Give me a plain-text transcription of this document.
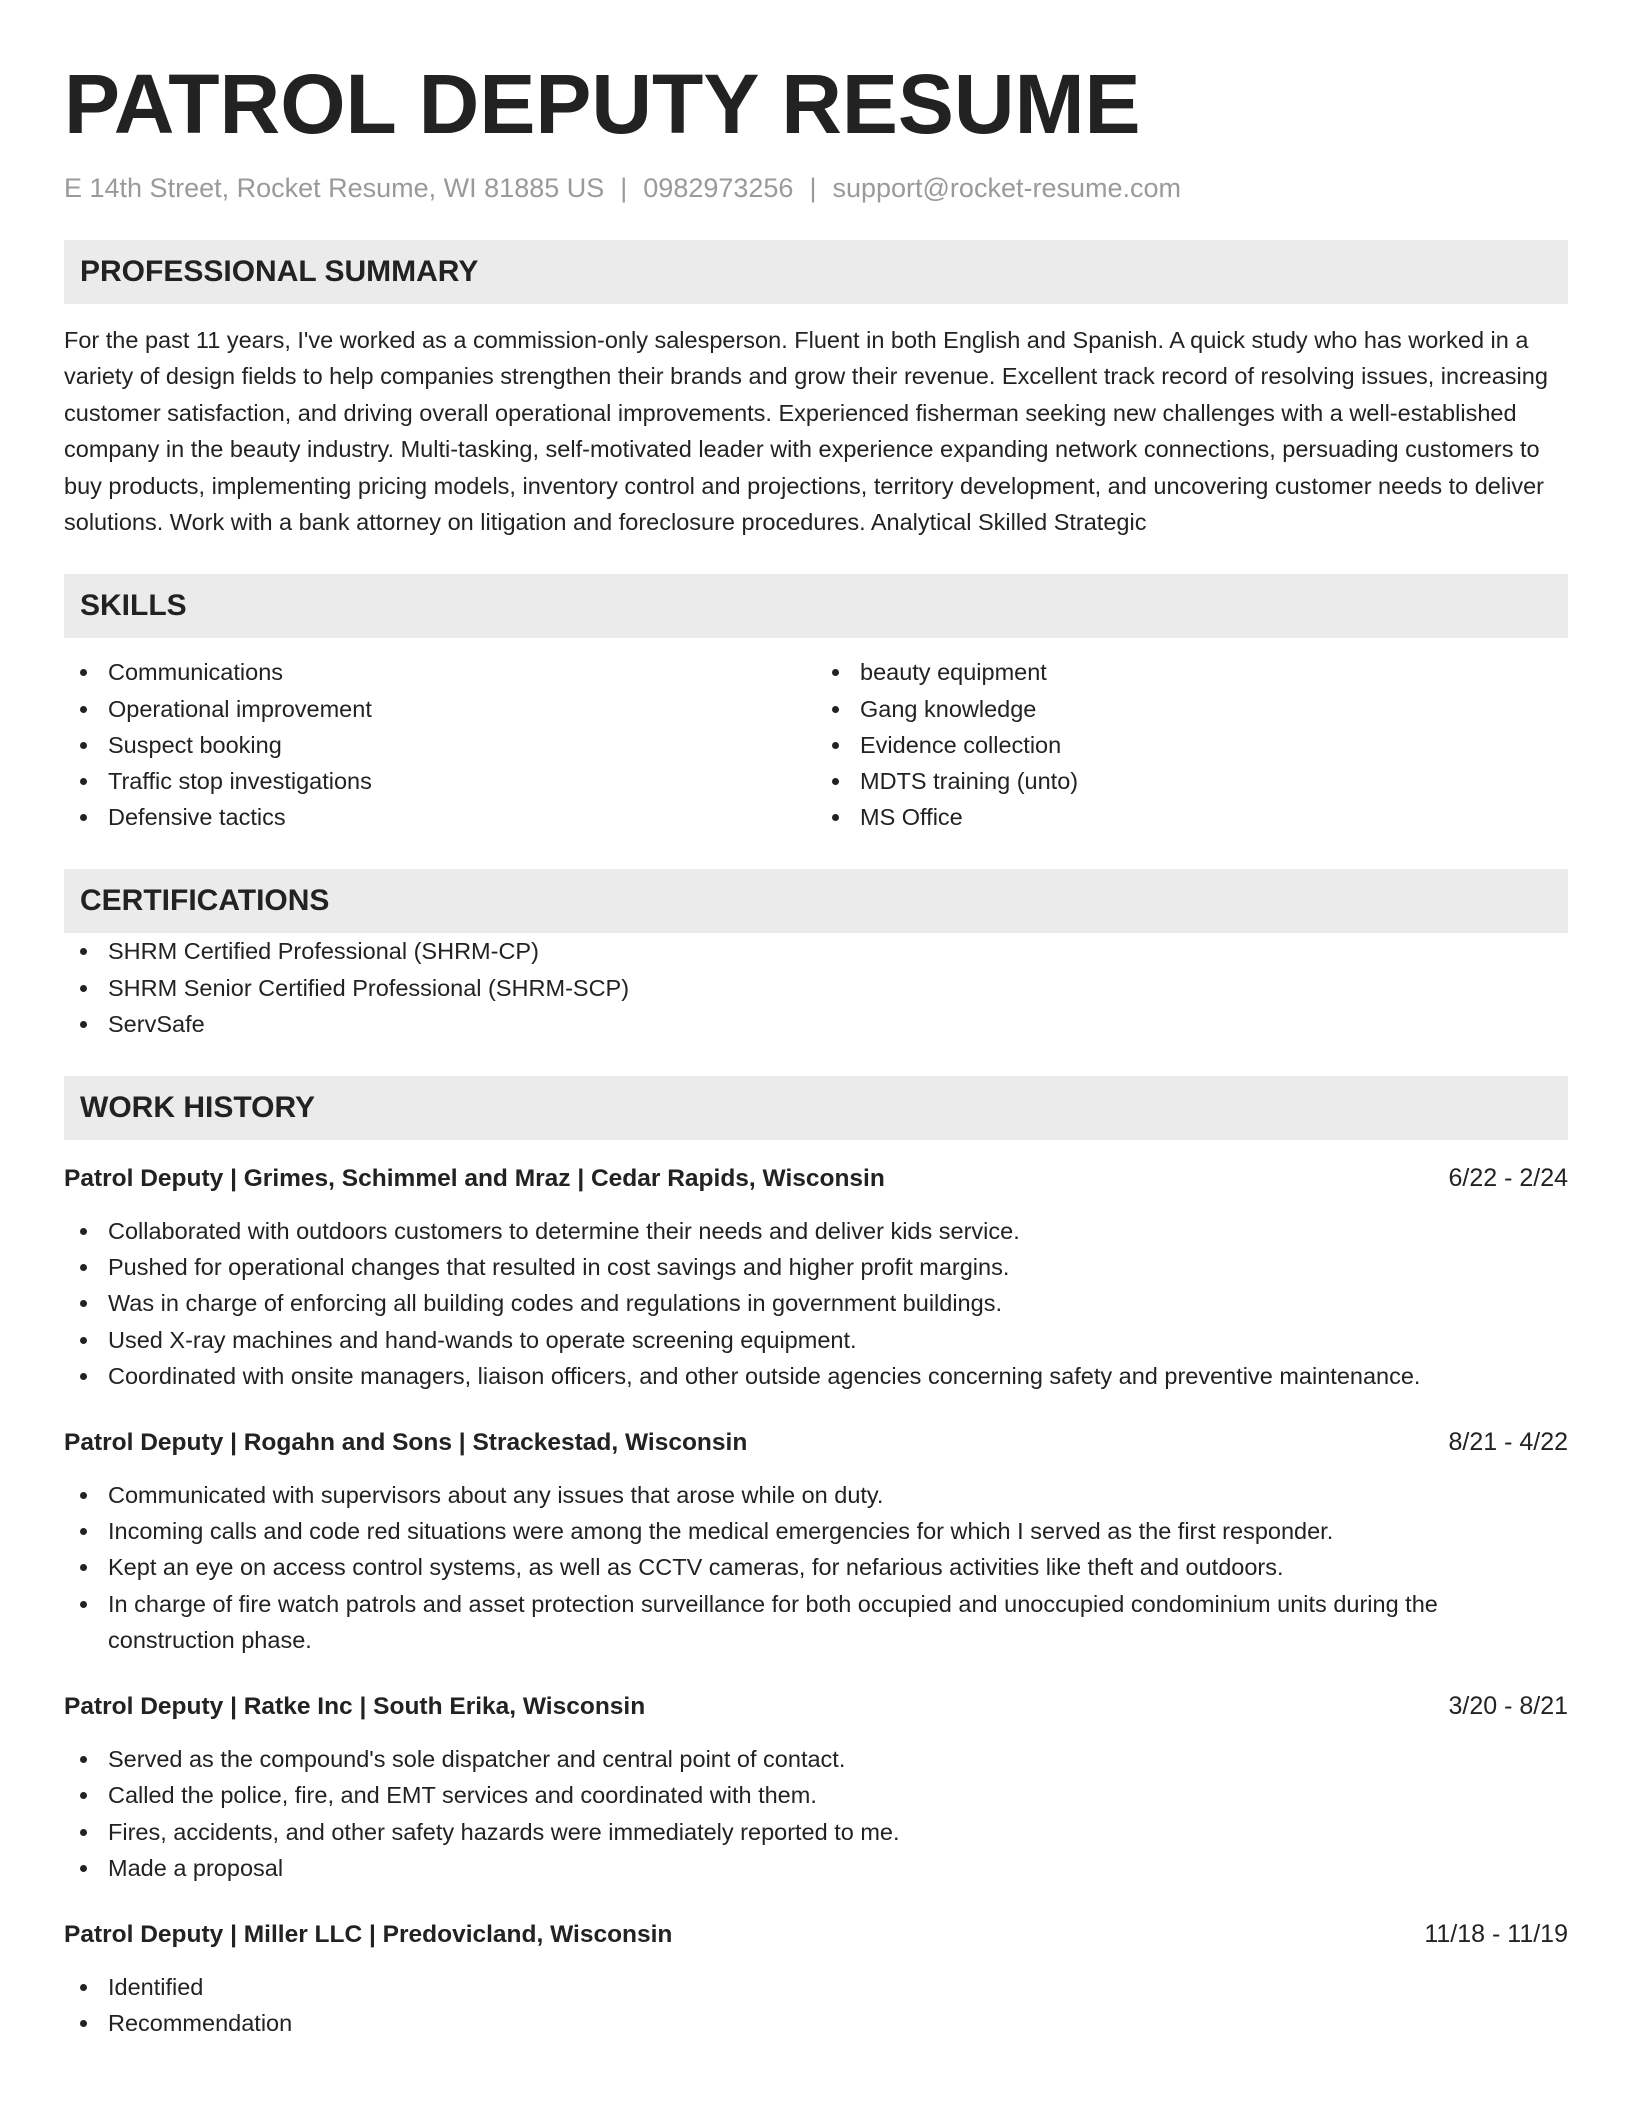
PATROL DEPUTY RESUME
E 14th Street, Rocket Resume, WI 81885 US | 0982973256 | support@rocket-resume.com
PROFESSIONAL SUMMARY
For the past 11 years, I've worked as a commission-only salesperson. Fluent in both English and Spanish. A quick study who has worked in a variety of design fields to help companies strengthen their brands and grow their revenue. Excellent track record of resolving issues, increasing customer satisfaction, and driving overall operational improvements. Experienced fisherman seeking new challenges with a well-established company in the beauty industry. Multi-tasking, self-motivated leader with experience expanding network connections, persuading customers to buy products, implementing pricing models, inventory control and projections, territory development, and uncovering customer needs to deliver solutions. Work with a bank attorney on litigation and foreclosure procedures. Analytical Skilled Strategic
SKILLS
Communications
Operational improvement
Suspect booking
Traffic stop investigations
Defensive tactics
beauty equipment
Gang knowledge
Evidence collection
MDTS training (unto)
MS Office
CERTIFICATIONS
SHRM Certified Professional (SHRM-CP)
SHRM Senior Certified Professional (SHRM-SCP)
ServSafe
WORK HISTORY
Patrol Deputy | Grimes, Schimmel and Mraz | Cedar Rapids, Wisconsin	6/22 - 2/24
Collaborated with outdoors customers to determine their needs and deliver kids service.
Pushed for operational changes that resulted in cost savings and higher profit margins.
Was in charge of enforcing all building codes and regulations in government buildings.
Used X-ray machines and hand-wands to operate screening equipment.
Coordinated with onsite managers, liaison officers, and other outside agencies concerning safety and preventive maintenance.
Patrol Deputy | Rogahn and Sons | Strackestad, Wisconsin	8/21 - 4/22
Communicated with supervisors about any issues that arose while on duty.
Incoming calls and code red situations were among the medical emergencies for which I served as the first responder.
Kept an eye on access control systems, as well as CCTV cameras, for nefarious activities like theft and outdoors.
In charge of fire watch patrols and asset protection surveillance for both occupied and unoccupied condominium units during the construction phase.
Patrol Deputy | Ratke Inc | South Erika, Wisconsin	3/20 - 8/21
Served as the compound's sole dispatcher and central point of contact.
Called the police, fire, and EMT services and coordinated with them.
Fires, accidents, and other safety hazards were immediately reported to me.
Made a proposal
Patrol Deputy | Miller LLC | Predovicland, Wisconsin	11/18 - 11/19
Identified
Recommendation
